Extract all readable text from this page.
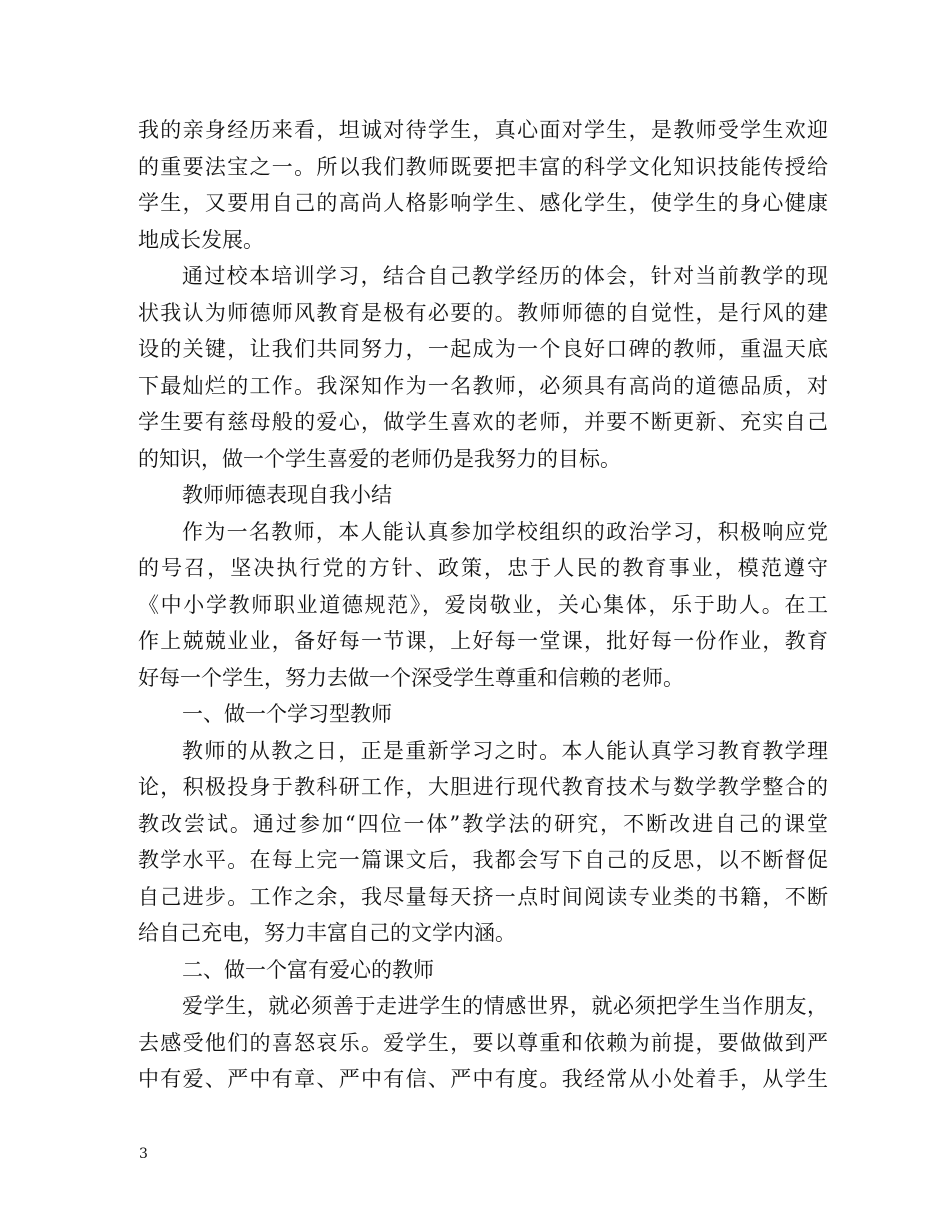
我的亲身经历来看，坦诚对待学生，真心面对学生，是教师受学生欢迎
的重要法宝之一。所以我们教师既要把丰富的科学文化知识技能传授给
学生，又要用自己的高尚人格影响学生、感化学生，使学生的身心健康
地成长发展。
通过校本培训学习，结合自己教学经历的体会，针对当前教学的现
状我认为师德师风教育是极有必要的。教师师德的自觉性，是行风的建
设的关键，让我们共同努力，一起成为一个良好口碑的教师，重温天底
下最灿烂的工作。我深知作为一名教师，必须具有高尚的道德品质，对
学生要有慈母般的爱心，做学生喜欢的老师，并要不断更新、充实自己
的知识，做一个学生喜爱的老师仍是我努力的目标。
教师师德表现自我小结
作为一名教师，本人能认真参加学校组织的政治学习，积极响应党
的号召，坚决执行党的方针、政策，忠于人民的教育事业，模范遵守
《中小学教师职业道德规范》，爱岗敬业，关心集体，乐于助人。在工
作上兢兢业业，备好每一节课，上好每一堂课，批好每一份作业，教育
好每一个学生，努力去做一个深受学生尊重和信赖的老师。
一、做一个学习型教师
教师的从教之日，正是重新学习之时。本人能认真学习教育教学理
论，积极投身于教科研工作，大胆进行现代教育技术与数学教学整合的
教改尝试。通过参加“四位一体”教学法的研究，不断改进自己的课堂
教学水平。在每上完一篇课文后，我都会写下自己的反思，以不断督促
自己进步。工作之余，我尽量每天挤一点时间阅读专业类的书籍，不断
给自己充电，努力丰富自己的文学内涵。
二、做一个富有爱心的教师
爱学生，就必须善于走进学生的情感世界，就必须把学生当作朋友，
去感受他们的喜怒哀乐。爱学生，要以尊重和依赖为前提，要做做到严
中有爱、严中有章、严中有信、严中有度。我经常从小处着手，从学生
3
